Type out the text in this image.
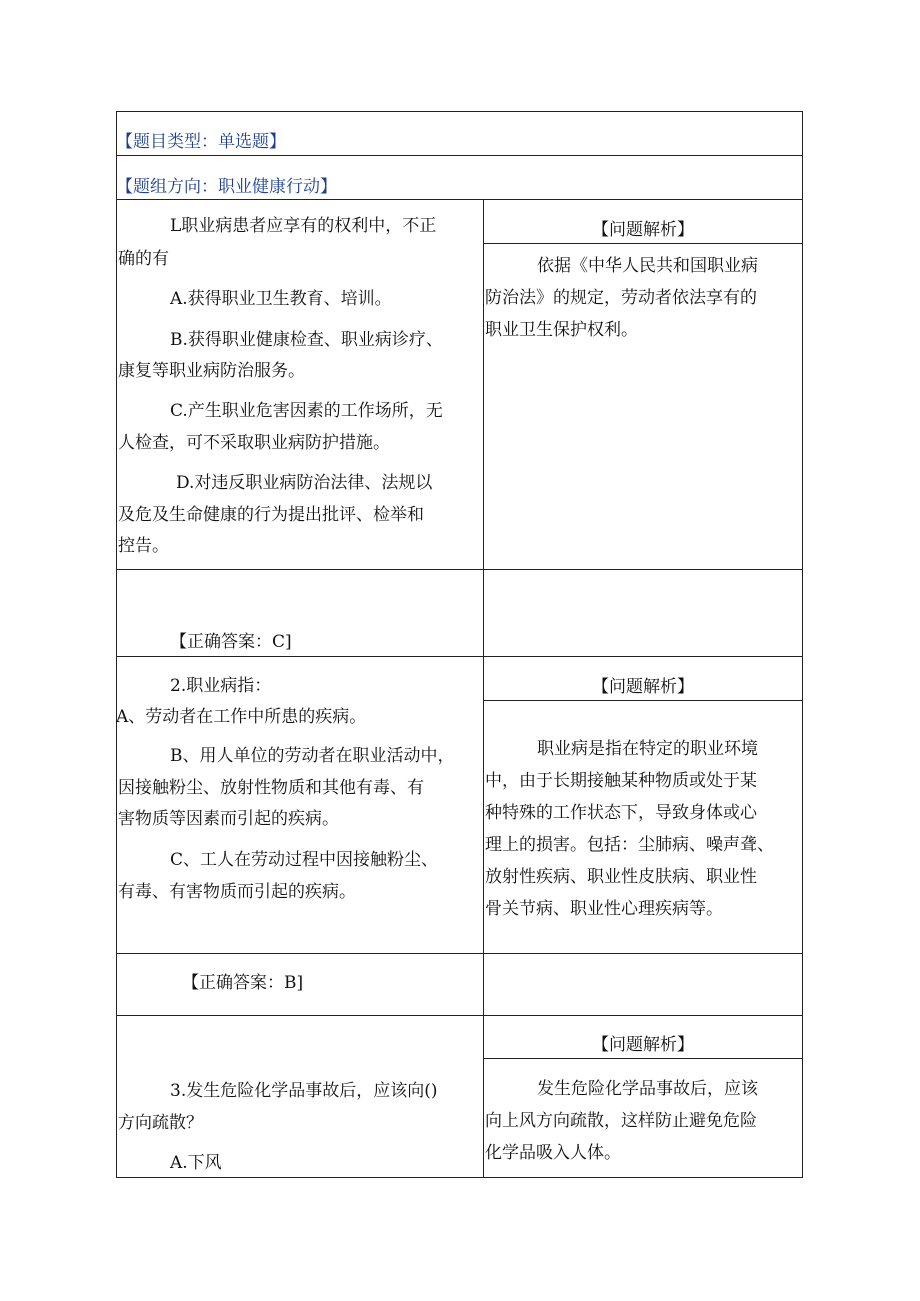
【题目类型：单选题】
【题组方向：职业健康行动】
L职业病患者应享有的权利中，不正
确的有
A.获得职业卫生教育、培训。
B.获得职业健康检查、职业病诊疗、
康复等职业病防治服务。
C.产生职业危害因素的工作场所，无
人检查，可不采取职业病防护措施。
D.对违反职业病防治法律、法规以
及危及生命健康的行为提出批评、检举和
控告。
【问题解析】
依据《中华人民共和国职业病
防治法》的规定，劳动者依法享有的
职业卫生保护权利。
【正确答案：C]
2.职业病指：
A、劳动者在工作中所患的疾病。
B、用人单位的劳动者在职业活动中，
因接触粉尘、放射性物质和其他有毒、有
害物质等因素而引起的疾病。
C、工人在劳动过程中因接触粉尘、
有毒、有害物质而引起的疾病。
【问题解析】
职业病是指在特定的职业环境
中，由于长期接触某种物质或处于某
种特殊的工作状态下，导致身体或心
理上的损害。包括：尘肺病、噪声聋、
放射性疾病、职业性皮肤病、职业性
骨关节病、职业性心理疾病等。
【正确答案：B]
3.发生危险化学品事故后，应该向()
方向疏散？
A.下风
【问题解析】
发生危险化学品事故后，应该
向上风方向疏散，这样防止避免危险
化学品吸入人体。
